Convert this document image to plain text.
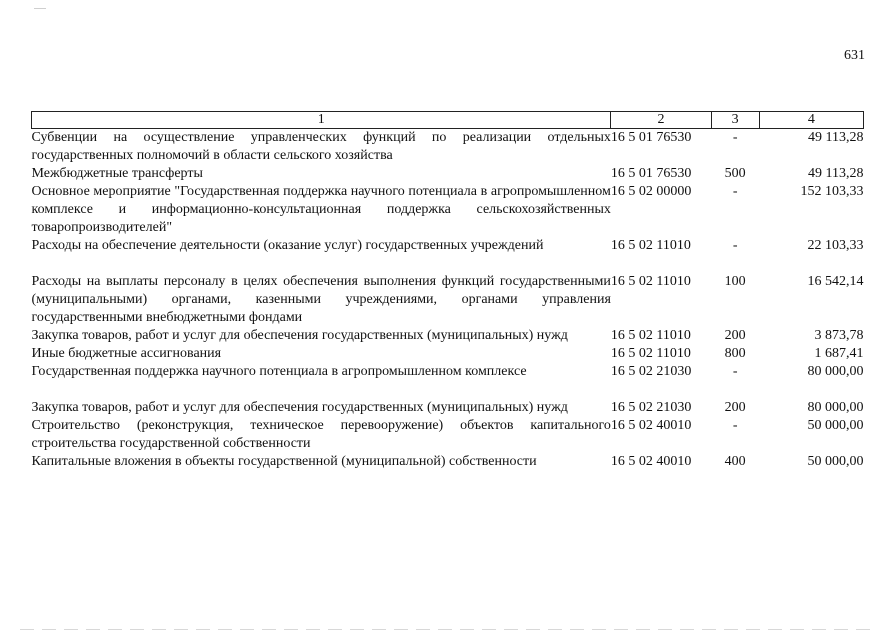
631
1	2	3	4
Субвенции на осуществление управленческих функций по реализации отдельных государственных полномочий в области сельского хозяйства	16 5 01 76530	-	49 113,28
Межбюджетные трансферты	16 5 01 76530	500	49 113,28
Основное мероприятие "Государственная поддержка научного потенциала в агропромышленном комплексе и информационно-консультационная поддержка сельскохозяйственных товаропроизводителей"	16 5 02 00000	-	152 103,33
Расходы на обеспечение деятельности (оказание услуг) государственных учреждений	16 5 02 11010	-	22 103,33
Расходы на выплаты персоналу в целях обеспечения выполнения функций государственными (муниципальными) органами, казенными учреждениями, органами управления государственными внебюджетными фондами	16 5 02 11010	100	16 542,14
Закупка товаров, работ и услуг для обеспечения государственных (муниципальных) нужд	16 5 02 11010	200	3 873,78
Иные бюджетные ассигнования	16 5 02 11010	800	1 687,41
Государственная поддержка научного потенциала в агропромышленном комплексе	16 5 02 21030	-	80 000,00
Закупка товаров, работ и услуг для обеспечения государственных (муниципальных) нужд	16 5 02 21030	200	80 000,00
Строительство (реконструкция, техническое перевооружение) объектов капитального строительства государственной собственности	16 5 02 40010	-	50 000,00
Капитальные вложения в объекты государственной (муниципальной) собственности	16 5 02 40010	400	50 000,00
